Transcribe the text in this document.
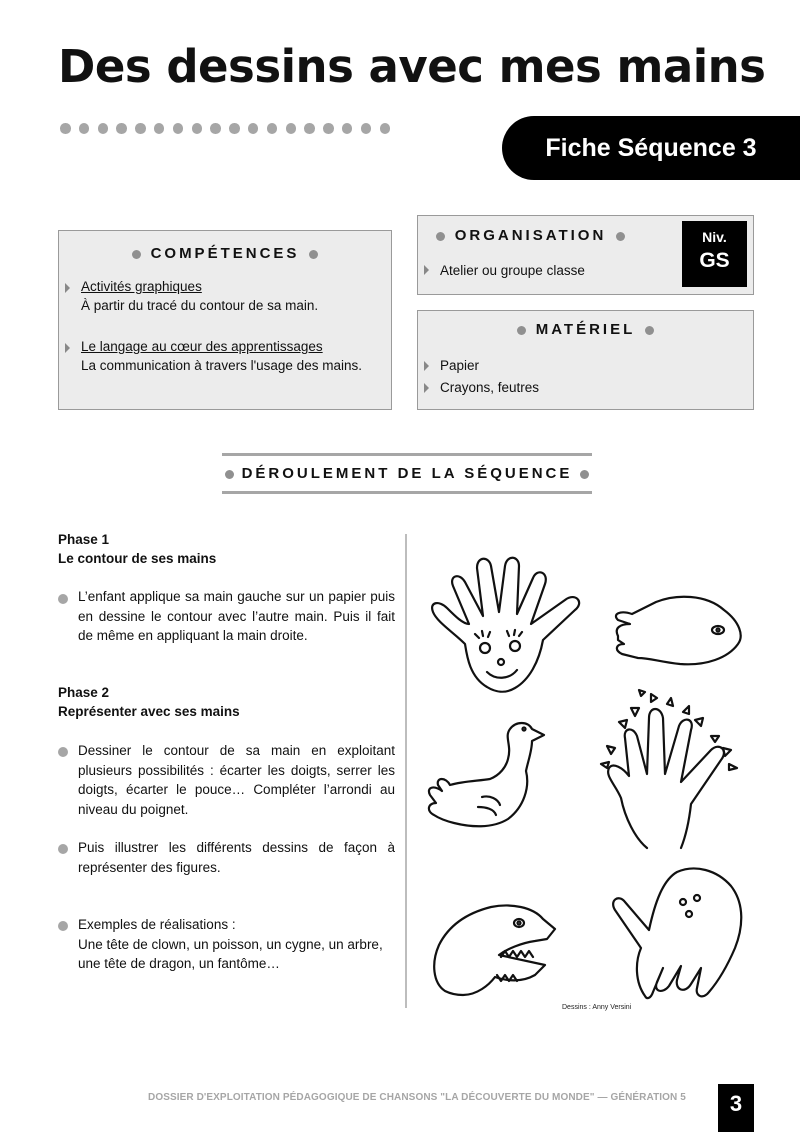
Des dessins avec mes mains
Fiche Séquence 3
COMPÉTENCES
Activités graphiques
À partir du tracé du contour de sa main.
Le langage au cœur des apprentissages
La communication à travers l'usage des mains.
ORGANISATION
Atelier ou groupe classe
Niv.
GS
MATÉRIEL
Papier
Crayons, feutres
DÉROULEMENT DE LA SÉQUENCE
Phase 1
Le contour de ses mains
L’enfant applique sa main gauche sur un papier puis en dessine le contour avec l’autre main. Puis il fait de même en appliquant la main droite.
Phase 2
Représenter avec ses mains
Dessiner le contour de sa main en exploitant plusieurs possibilités : écarter les doigts, serrer les doigts, écarter le pouce… Compléter l’arrondi au niveau du poignet.
Puis illustrer les différents dessins de façon à représenter des figures.
Exemples de réalisations :
Une tête de clown, un poisson, un cygne, un arbre, une tête de dragon, un fantôme…
Dessins : Anny Versini
DOSSIER D'EXPLOITATION PÉDAGOGIQUE DE CHANSONS "LA DÉCOUVERTE DU MONDE" — GÉNÉRATION 5	3
